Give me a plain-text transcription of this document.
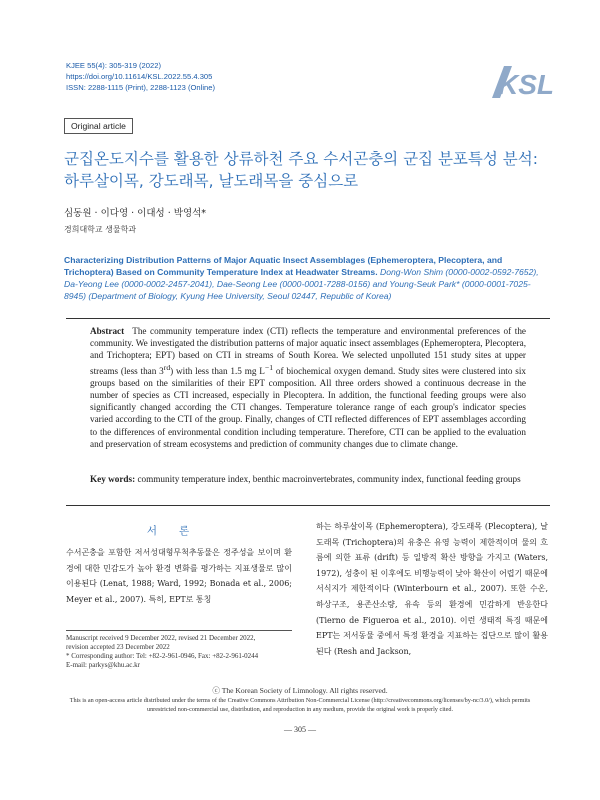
KJEE 55(4): 305-319 (2022)
https://doi.org/10.11614/KSL.2022.55.4.305
ISSN: 2288-1115 (Print), 2288-1123 (Online)	KSL
Original article
군집온도지수를 활용한 상류하천 주요 수서곤충의 군집 분포특성 분석:
하루살이목, 강도래목, 날도래목을 중심으로
심동원 · 이다영 · 이대성 · 박영석*
경희대학교 생물학과
Characterizing Distribution Patterns of Major Aquatic Insect Assemblages (Ephemeroptera, Plecoptera, and Trichoptera) Based on Community Temperature Index at Headwater Streams. Dong-Won Shim (0000-0002-0592-7652), Da-Yeong Lee (0000-0002-2457-2041), Dae-Seong Lee (0000-0001-7288-0156) and Young-Seuk Park* (0000-0001-7025-8945) (Department of Biology, Kyung Hee University, Seoul 02447, Republic of Korea)
Abstract The community temperature index (CTI) reflects the temperature and environmental preferences of the community. We investigated the distribution patterns of major aquatic insect assemblages (Ephemeroptera, Plecoptera, and Trichoptera; EPT) based on CTI in streams of South Korea. We selected unpolluted 151 study sites at upper streams (less than 3rd) with less than 1.5 mg $L^{-1}$ of biochemical oxygen demand. Study sites were clustered into six groups based on the similarities of their EPT composition. All three orders showed a continuous decrease in the number of species as CTI increased, especially in Plecoptera. In addition, the functional feeding groups were also significantly changed according the CTI changes. Temperature tolerance range of each group's indicator species varied according to the CTI of the group. Finally, changes of CTI reflected differences of EPT assemblages according to the differences of environmental condition including temperature. Therefore, CTI can be applied to the evaluation and preservation of stream ecosystems and prediction of community changes due to climate change.
Key words: community temperature index, benthic macroinvertebrates, community index, functional feeding groups
서론
수서곤충을 포함한 저서성대형무척추동물은 정주성을 보이며 환경에 대한 민감도가 높아 환경 변화를 평가하는 지표생물로 많이 이용된다 (Lenat, 1988; Ward, 1992; Bonada et al., 2006; Meyer et al., 2007). 특히, EPT로 통칭
하는 하루살이목 (Ephemeroptera), 강도래목 (Plecoptera), 날도래목 (Trichoptera)의 유충은 유영 능력이 제한적이며 물의 흐름에 의한 표류 (drift) 등 일방적 확산 방향을 가지고 (Waters, 1972), 성충이 된 이후에도 비행능력이 낮아 확산이 어렵기 때문에 서식지가 제한적이다 (Winterbourn et al., 2007). 또한 수온, 하상구조, 용존산소량, 유속 등의 환경에 민감하게 반응한다 (Tierno de Figueroa et al., 2010). 이런 생태적 특징 때문에 EPT는 저서동물 중에서 특정 환경을 지표하는 집단으로 많이 활용된다 (Resh and Jackson,
Manuscript received 9 December 2022, revised 21 December 2022,
revision accepted 23 December 2022
* Corresponding author: Tel: +82-2-961-0946, Fax: +82-2-961-0244
E-mail: parkys@khu.ac.kr
ⓒ The Korean Society of Limnology. All rights reserved.
This is an open-access article distributed under the terms of the Creative Commons Attribution Non-Commercial License (http://creativecommons.org/licenses/by-nc/3.0/), which permits unrestricted non-commercial use, distribution, and reproduction in any medium, provide the original work is properly cited.
— 305 —
